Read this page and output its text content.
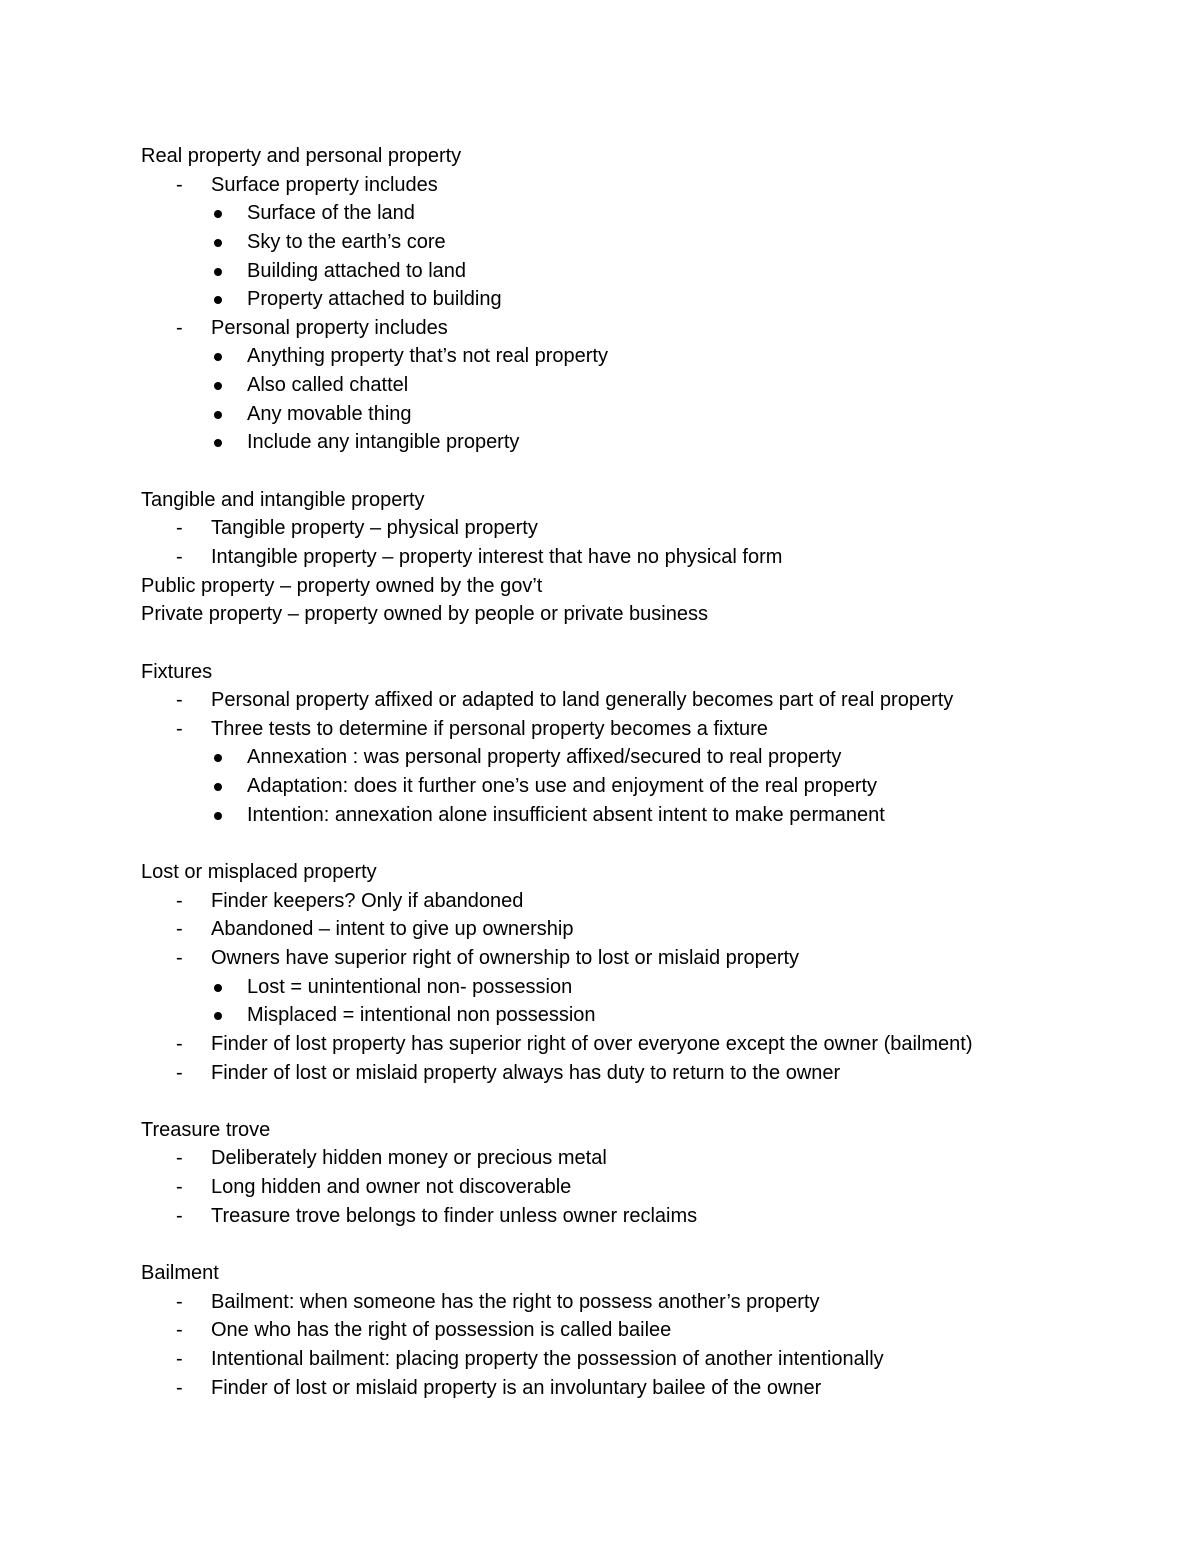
Real property and personal property
- Surface property includes
Surface of the land
Sky to the earth’s core
Building attached to land
Property attached to building
- Personal property includes
Anything property that’s not real property
Also called chattel
Any movable thing
Include any intangible property
Tangible and intangible property
- Tangible property – physical property
- Intangible property – property interest that have no physical form
Public property – property owned by the gov’t
Private property – property owned by people or private business
Fixtures
- Personal property affixed or adapted to land generally becomes part of real property
- Three tests to determine if personal property becomes a fixture
Annexation : was personal property affixed/secured to real property
Adaptation: does it further one’s use and enjoyment of the real property
Intention: annexation alone insufficient absent intent to make permanent
Lost or misplaced property
- Finder keepers? Only if abandoned
- Abandoned – intent to give up ownership
- Owners have superior right of ownership to lost or mislaid property
Lost = unintentional non- possession
Misplaced = intentional non possession
- Finder of lost property has superior right of over everyone except the owner (bailment)
- Finder of lost or mislaid property always has duty to return to the owner
Treasure trove
- Deliberately hidden money or precious metal
- Long hidden and owner not discoverable
- Treasure trove belongs to finder unless owner reclaims
Bailment
- Bailment: when someone has the right to possess another’s property
- One who has the right of possession is called bailee
- Intentional bailment: placing property the possession of another intentionally
- Finder of lost or mislaid property is an involuntary bailee of the owner
